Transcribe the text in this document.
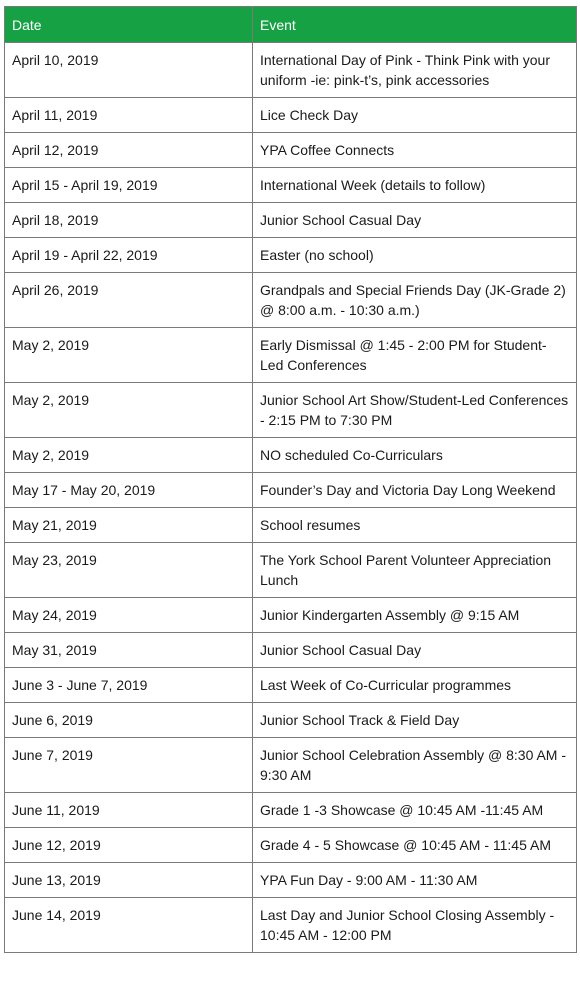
Date	Event
April 10, 2019	International Day of Pink - Think Pink with your uniform -ie: pink-t’s, pink accessories
April 11, 2019	Lice Check Day
April 12, 2019	YPA Coffee Connects
April 15 - April 19, 2019	International Week (details to follow)
April 18, 2019	Junior School Casual Day
April 19 - April 22, 2019	Easter (no school)
April 26, 2019	Grandpals and Special Friends Day (JK-Grade 2) @ 8:00 a.m. - 10:30 a.m.)
May 2, 2019	Early Dismissal @ 1:45 - 2:00 PM for Student-Led Conferences
May 2, 2019	Junior School Art Show/Student-Led Conferences - 2:15 PM to 7:30 PM
May 2, 2019	NO scheduled Co-Curriculars
May 17 - May 20, 2019	Founder’s Day and Victoria Day Long Weekend
May 21, 2019	School resumes
May 23, 2019	The York School Parent Volunteer Appreciation Lunch
May 24, 2019	Junior Kindergarten Assembly @ 9:15 AM
May 31, 2019	Junior School Casual Day
June 3 - June 7, 2019	Last Week of Co-Curricular programmes
June 6, 2019	Junior School Track & Field Day
June 7, 2019	Junior School Celebration Assembly @ 8:30 AM - 9:30 AM
June 11, 2019	Grade 1 -3 Showcase @ 10:45 AM -11:45 AM
June 12, 2019	Grade 4 - 5 Showcase @ 10:45 AM - 11:45 AM
June 13, 2019	YPA Fun Day - 9:00 AM - 11:30 AM
June 14, 2019	Last Day and Junior School Closing Assembly - 10:45 AM - 12:00 PM
